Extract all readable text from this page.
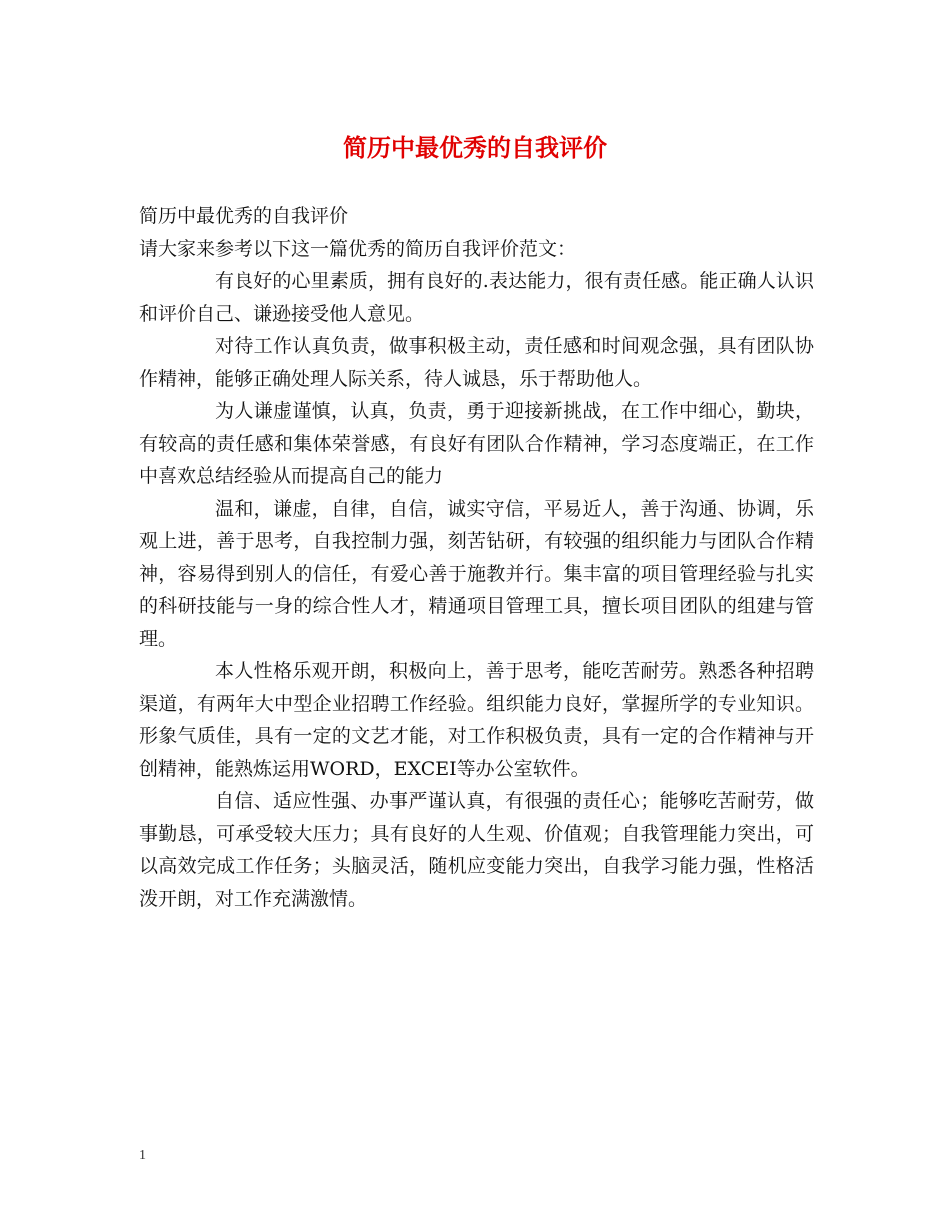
简历中最优秀的自我评价

简历中最优秀的自我评价

请大家来参考以下这一篇优秀的简历自我评价范文：

有良好的心里素质，拥有良好的.表达能力，很有责任感。能正确人认识和评价自己、谦逊接受他人意见。

对待工作认真负责，做事积极主动，责任感和时间观念强，具有团队协作精神，能够正确处理人际关系，待人诚恳，乐于帮助他人。

为人谦虚谨慎，认真，负责，勇于迎接新挑战，在工作中细心，勤块，有较高的责任感和集体荣誉感，有良好有团队合作精神，学习态度端正，在工作中喜欢总结经验从而提高自己的能力

温和，谦虚，自律，自信，诚实守信，平易近人，善于沟通、协调，乐观上进，善于思考，自我控制力强，刻苦钻研，有较强的组织能力与团队合作精神，容易得到别人的信任，有爱心善于施教并行。集丰富的项目管理经验与扎实的科研技能与一身的综合性人才，精通项目管理工具，擅长项目团队的组建与管理。

本人性格乐观开朗，积极向上，善于思考，能吃苦耐劳。熟悉各种招聘渠道，有两年大中型企业招聘工作经验。组织能力良好，掌握所学的专业知识。形象气质佳，具有一定的文艺才能，对工作积极负责，具有一定的合作精神与开创精神，能熟炼运用WORD，EXCEI等办公室软件。

自信、适应性强、办事严谨认真，有很强的责任心；能够吃苦耐劳，做事勤恳，可承受较大压力；具有良好的人生观、价值观；自我管理能力突出，可以高效完成工作任务；头脑灵活，随机应变能力突出，自我学习能力强，性格活泼开朗，对工作充满激情。

1
